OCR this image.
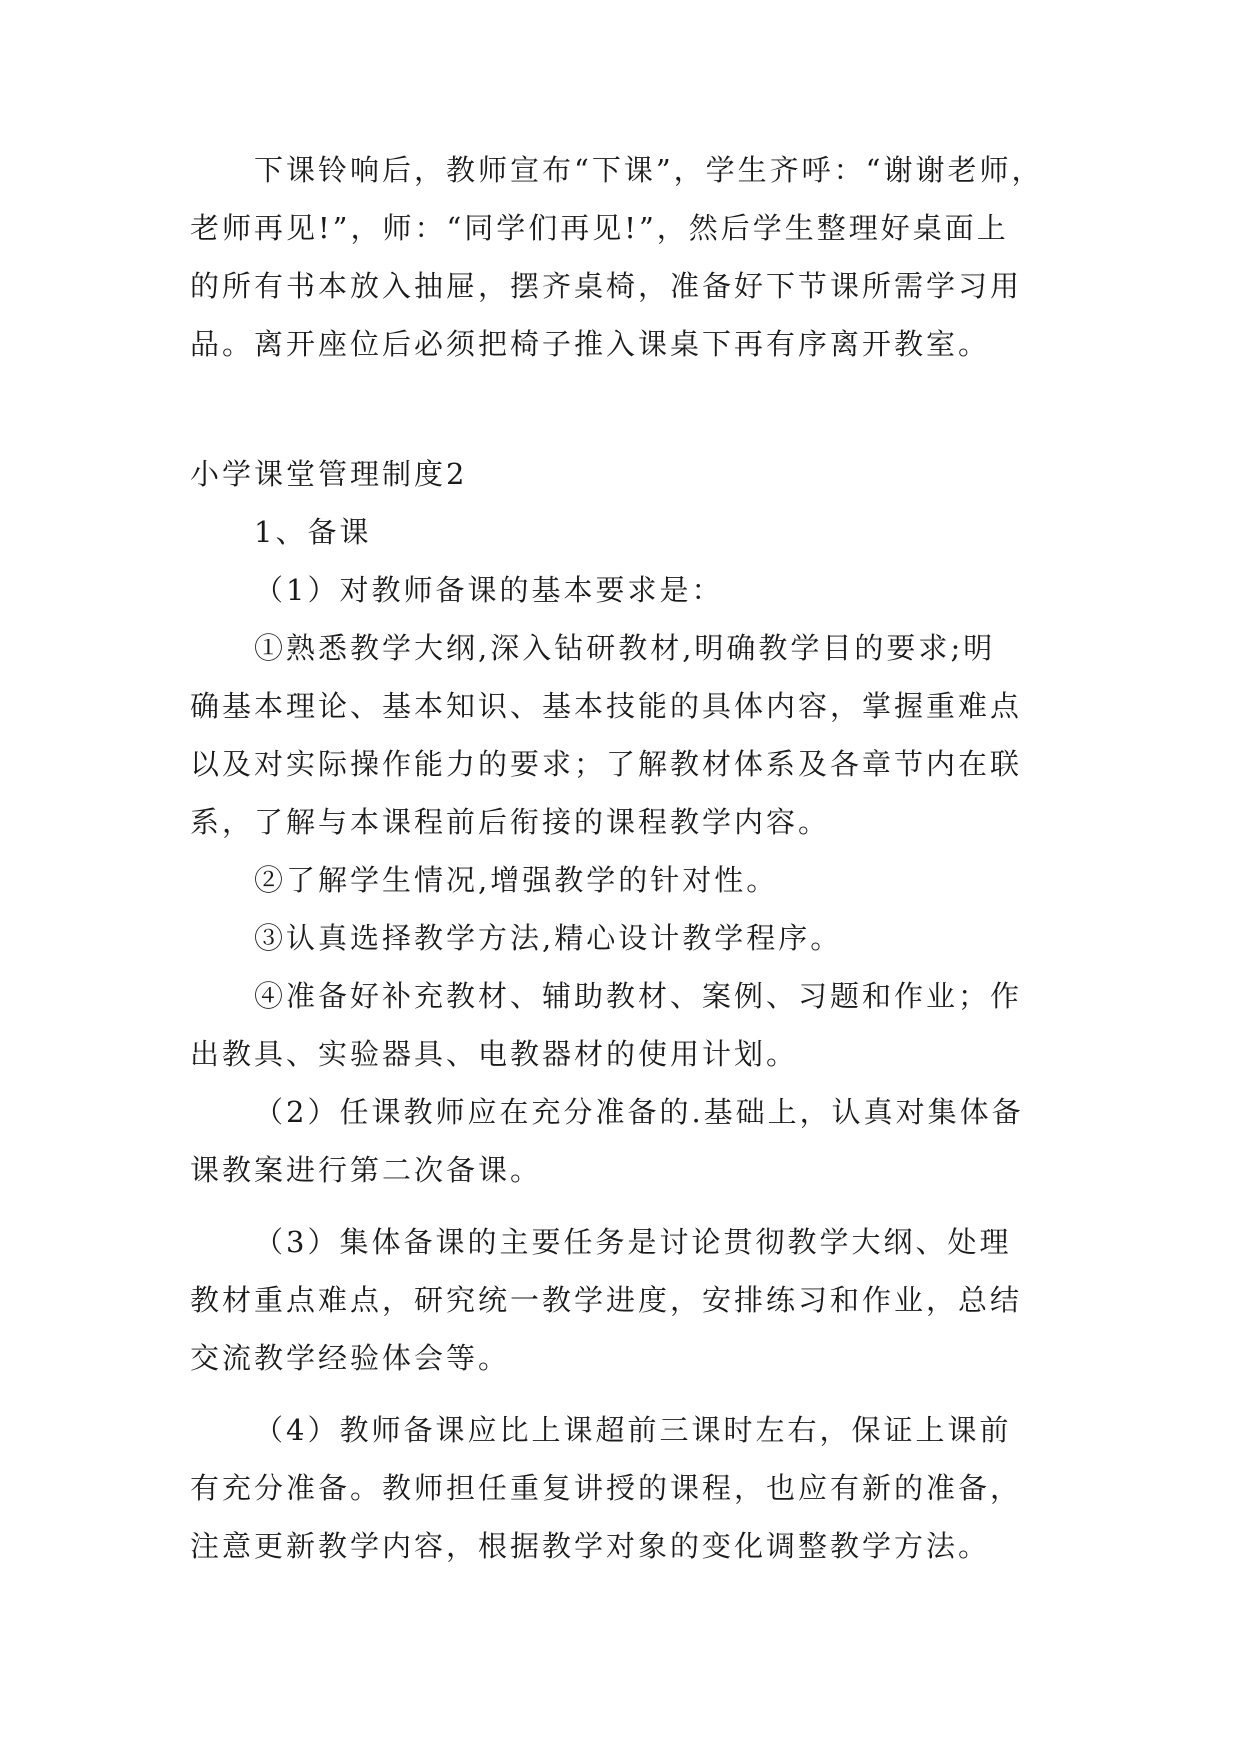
下课铃响后，教师宣布“下课”，学生齐呼：“谢谢老师，
老师再见!”，师：“同学们再见!”，然后学生整理好桌面上
的所有书本放入抽屉，摆齐桌椅，准备好下节课所需学习用
品。离开座位后必须把椅子推入课桌下再有序离开教室。
小学课堂管理制度2
1、备课
（1）对教师备课的基本要求是：
①熟悉教学大纲,深入钻研教材,明确教学目的要求;明
确基本理论、基本知识、基本技能的具体内容，掌握重难点
以及对实际操作能力的要求；了解教材体系及各章节内在联
系，了解与本课程前后衔接的课程教学内容。
②了解学生情况,增强教学的针对性。
③认真选择教学方法,精心设计教学程序。
④准备好补充教材、辅助教材、案例、习题和作业；作
出教具、实验器具、电教器材的使用计划。
（2）任课教师应在充分准备的.基础上，认真对集体备
课教案进行第二次备课。
（3）集体备课的主要任务是讨论贯彻教学大纲、处理
教材重点难点，研究统一教学进度，安排练习和作业，总结
交流教学经验体会等。
（4）教师备课应比上课超前三课时左右，保证上课前
有充分准备。教师担任重复讲授的课程，也应有新的准备，
注意更新教学内容，根据教学对象的变化调整教学方法。
